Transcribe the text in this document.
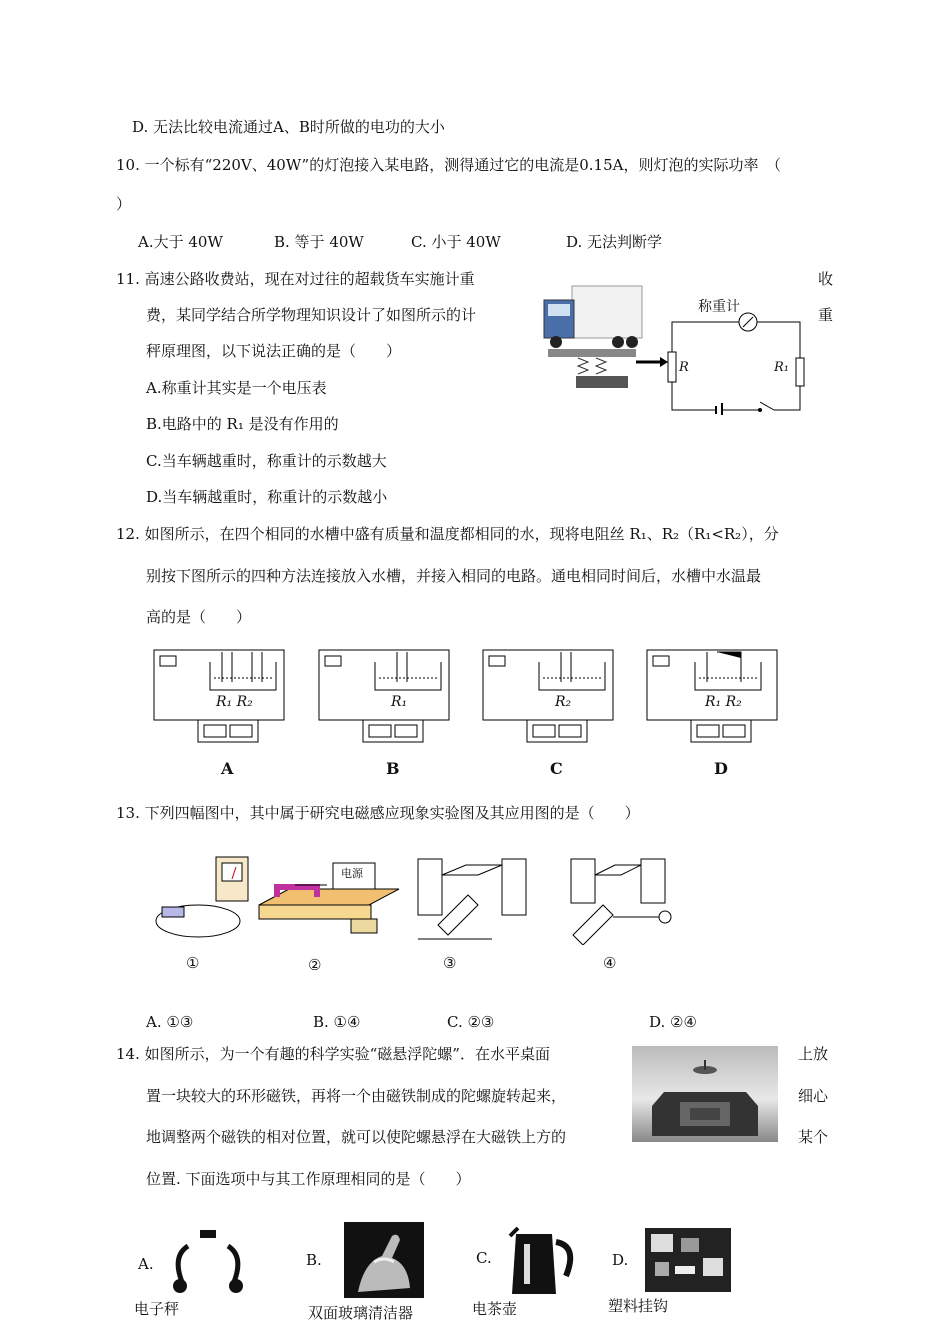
D. 无法比较电流通过A、B时所做的电功的大小
10. 一个标有“220V、40W”的灯泡接入某电路，测得通过它的电流是0.15A，则灯泡的实际功率　（
）
A.大于 40W	B. 等于 40W	C. 小于 40W	D. 无法判断学
11. 高速公路收费站，现在对过往的超载货车实施计重	收
费，某同学结合所学物理知识设计了如图所示的计	重
秤原理图，以下说法正确的是（　　）
A.称重计其实是一个电压表
B.电路中的 R₁ 是没有作用的
C.当车辆越重时，称重计的示数越大
D.当车辆越重时，称重计的示数越小
称重计
R	R₁
12. 如图所示，在四个相同的水槽中盛有质量和温度都相同的水，现将电阻丝 R₁、R₂（R₁<R₂），分
别按下图所示的四种方法连接放入水槽，并接入相同的电路。通电相同时间后，水槽中水温最
高的是（　　）
R₁ R₂
A
R₁
B
R₂
C
R₁ R₂
D
13. 下列四幅图中，其中属于研究电磁感应现象实验图及其应用图的是（　　）
电源
①	②	③	④
A. ①③	B. ①④	C. ②③	D. ②④
14. 如图所示，为一个有趣的科学实验“磁悬浮陀螺”．在水平桌面	上放
置一块较大的环形磁铁，再将一个由磁铁制成的陀螺旋转起来，	细心
地调整两个磁铁的相对位置，就可以使陀螺悬浮在大磁铁上方的	某个
位置. 下面选项中与其工作原理相同的是（　　）
A.
电子秤
B.
双面玻璃清洁器
C.
电茶壶
D.
塑料挂钩
